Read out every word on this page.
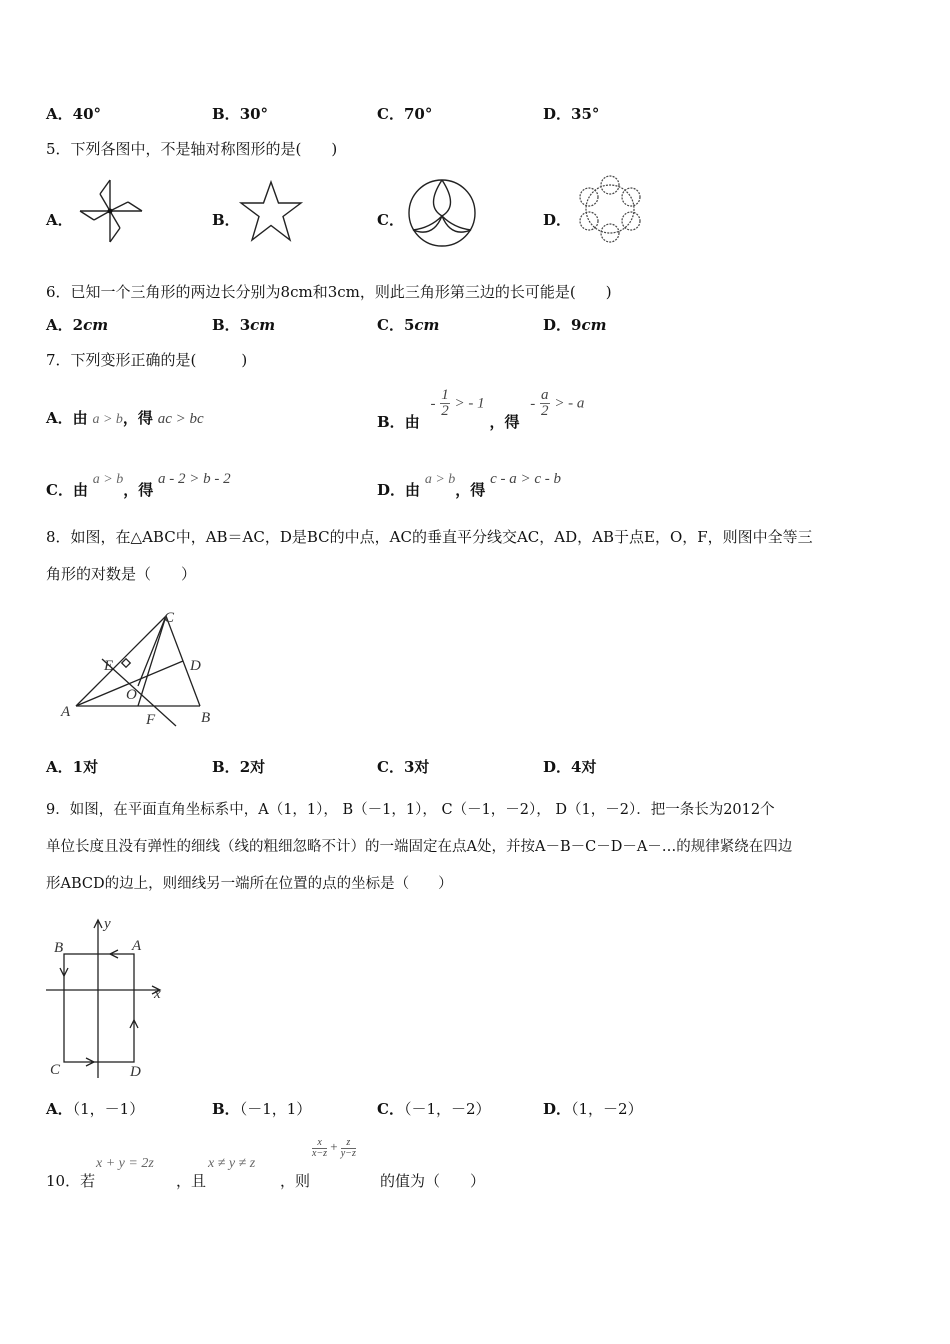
A．40°	B．30°	C．70°	D．35°
5．下列各图中，不是轴对称图形的是(　　)
A．	B．	C．	D．
6．已知一个三角形的两边长分别为8cm和3cm，则此三角形第三边的长可能是(　　)
A．2cm	B．3cm	C．5cm	D．9cm
7．下列变形正确的是(　　　)
A．由 a > b，得 ac > bc	B．由 - $\frac{1}{2}$ > - 1 ，得 - $\frac{a}{2}$ > - a
C．由 a > b，得 a - 2 > b - 2
D．由 a > b，得 c - a > c - b
8．如图，在△ABC中，AB＝AC，D是BC的中点，AC的垂直平分线交AC，AD，AB于点E，O，F，则图中全等三
角形的对数是（　　）
A	B
C
D
E
O
F
A．1对	B．2对	C．3对	D．4对
9．如图，在平面直角坐标系中，A（1，1）， B（－1，1）， C（－1，－2）， D（1，－2）．把一条长为2012个
单位长度且没有弹性的细线（线的粗细忽略不计）的一端固定在点A处，并按A－B－C－D－A－…的规律紧绕在四边
形ABCD的边上，则细线另一端所在位置的点的坐标是（　　）
B	A
C	D
x
y
A．（1，－1）	B．（－1，1）	C．（－1，－2）	D．（1，－2）
10．若
x + y = 2z
，且
x ≠ y ≠ z
，则
$\frac{x}{x-z} + \frac{z}{y-z}$
的值为（　　）
